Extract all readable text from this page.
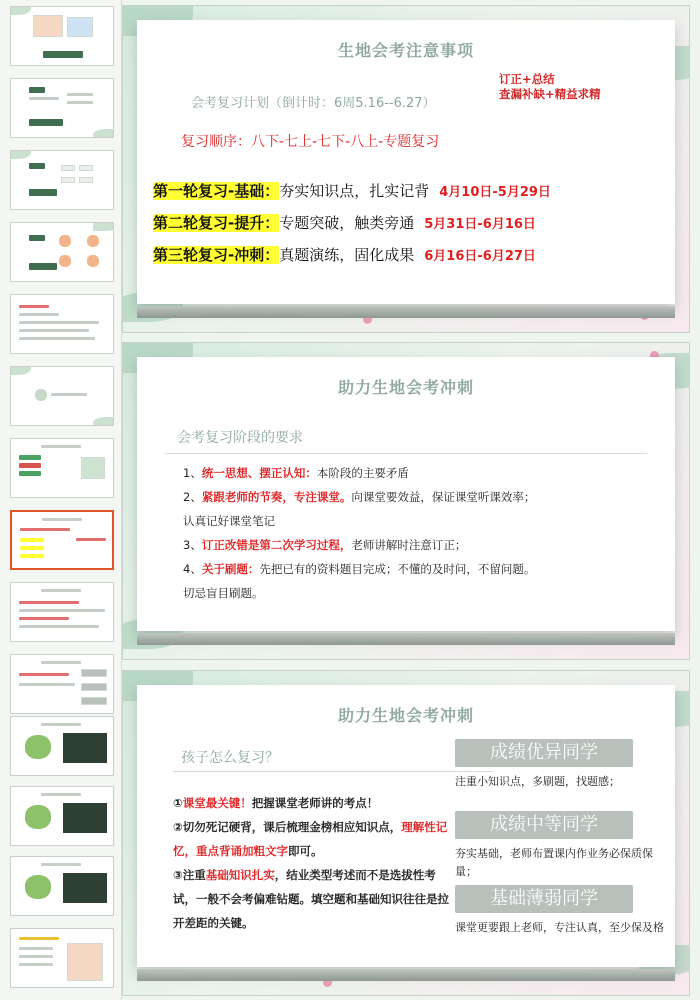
生地会考注意事项
会考复习计划（倒计时：6周5.16--6.27）
订正+总结
查漏补缺+精益求精
复习顺序：八下-七上-七下-八上-专题复习
第一轮复习-基础：夯实知识点，扎实记背 4月10日-5月29日
第二轮复习-提升：专题突破，触类旁通 5月31日-6月16日
第三轮复习-冲刺：真题演练，固化成果 6月16日-6月27日
助力生地会考冲刺
会考复习阶段的要求
1、统一思想、摆正认知：本阶段的主要矛盾
2、紧跟老师的节奏，专注课堂。向课堂要效益，保证课堂听课效率；
认真记好课堂笔记
3、订正改错是第二次学习过程，老师讲解时注意订正；
4、关于刷题：先把已有的资料题目完成；不懂的及时问，不留问题。
切忌盲目刷题。
助力生地会考冲刺
孩子怎么复习？
①课堂最关键！把握课堂老师讲的考点！
②切勿死记硬背，课后梳理金榜相应知识点，理解性记忆，重点背诵加粗文字即可。
③注重基础知识扎实，结业类型考述而不是选拔性考试，一般不会考偏难钻题。填空题和基础知识往往是拉开差距的关键。
成绩优异同学
注重小知识点，多刷题，找题感；
成绩中等同学
夯实基础，老师布置课内作业务必保质保量；
基础薄弱同学
课堂更要跟上老师，专注认真，至少保及格
